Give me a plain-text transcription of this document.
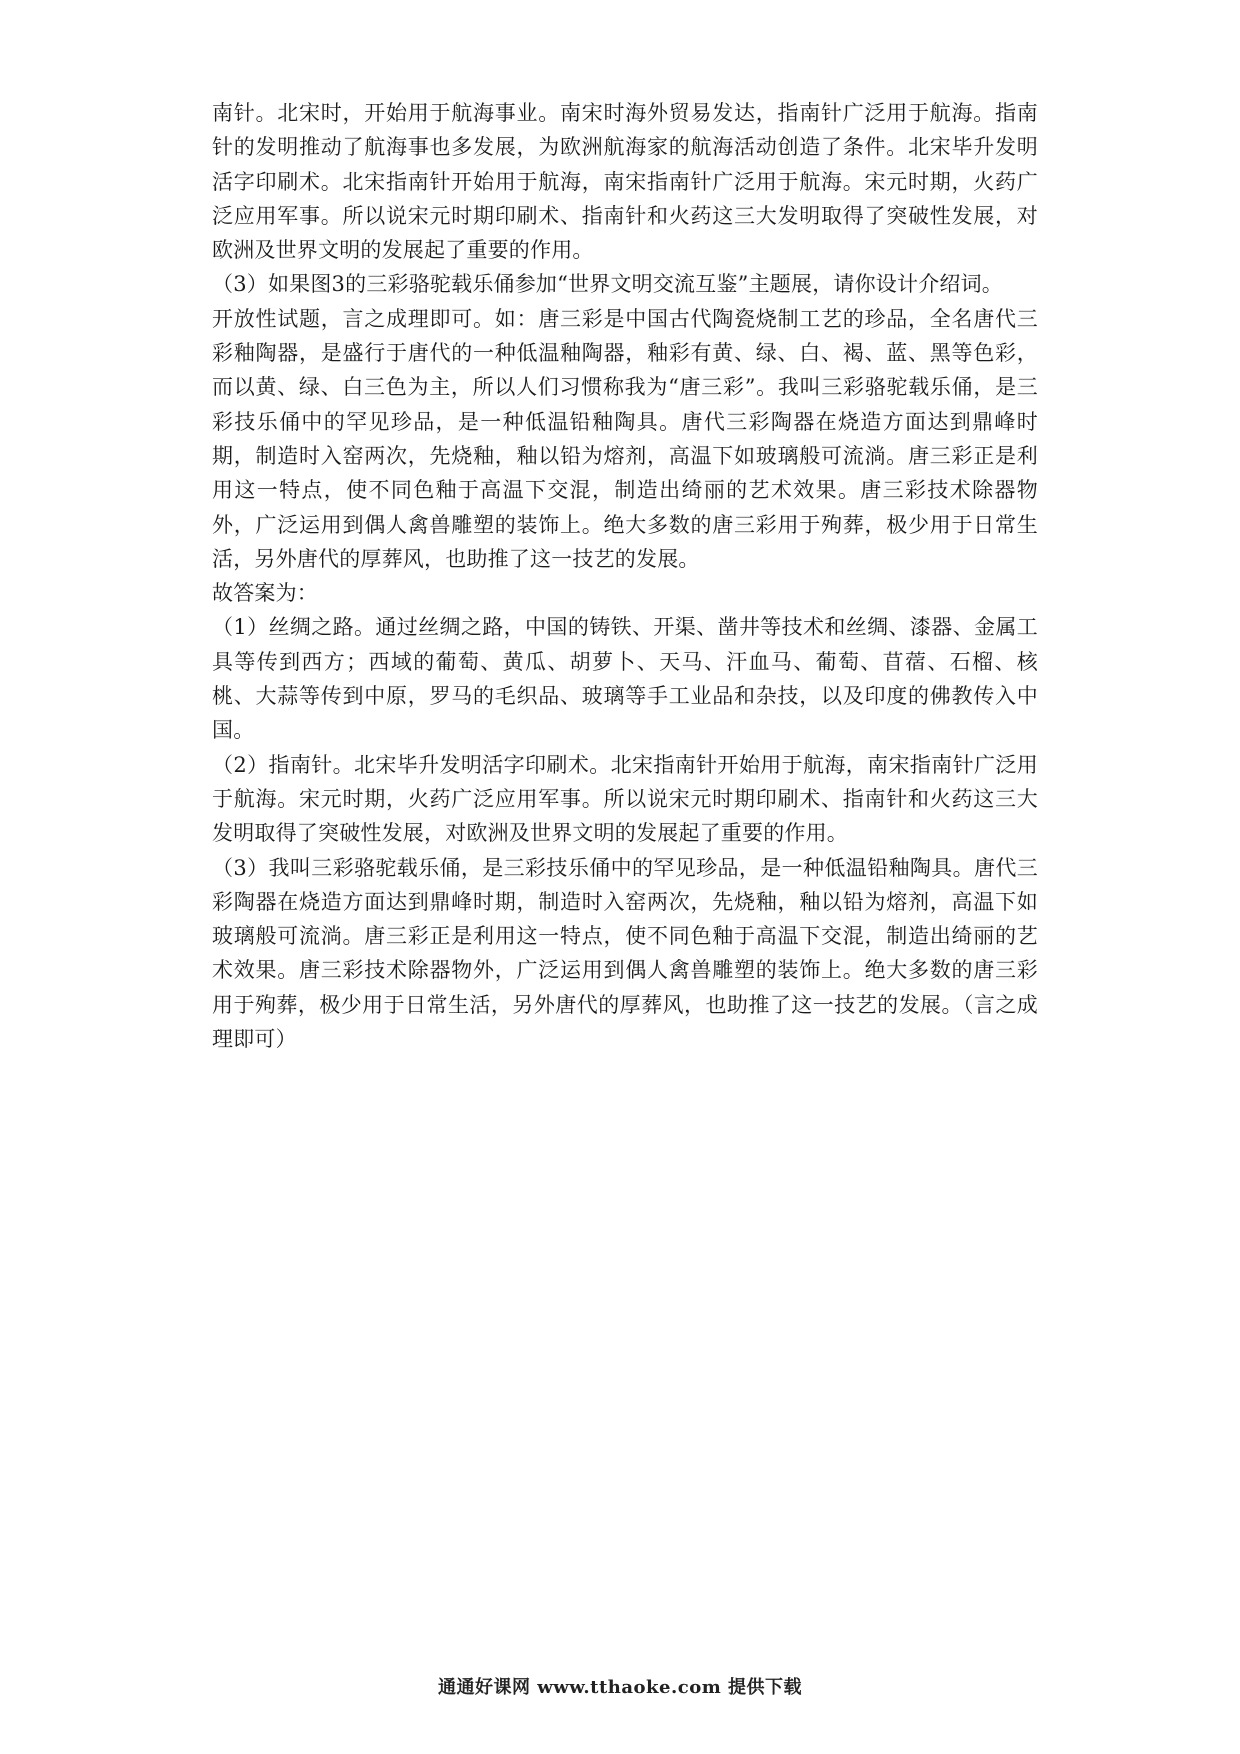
南针。北宋时，开始用于航海事业。南宋时海外贸易发达，指南针广泛用于航海。指南针的发明推动了航海事也多发展，为欧洲航海家的航海活动创造了条件。北宋毕升发明活字印刷术。北宋指南针开始用于航海，南宋指南针广泛用于航海。宋元时期，火药广泛应用军事。所以说宋元时期印刷术、指南针和火药这三大发明取得了突破性发展，对欧洲及世界文明的发展起了重要的作用。

（3）如果图3的三彩骆驼载乐俑参加“世界文明交流互鉴”主题展，请你设计介绍词。

开放性试题，言之成理即可。如：唐三彩是中国古代陶瓷烧制工艺的珍品，全名唐代三彩釉陶器，是盛行于唐代的一种低温釉陶器，釉彩有黄、绿、白、褐、蓝、黑等色彩，而以黄、绿、白三色为主，所以人们习惯称我为“唐三彩”。我叫三彩骆驼载乐俑，是三彩技乐俑中的罕见珍品，是一种低温铅釉陶具。唐代三彩陶器在烧造方面达到鼎峰时期，制造时入窑两次，先烧釉，釉以铅为熔剂，高温下如玻璃般可流淌。唐三彩正是利用这一特点，使不同色釉于高温下交混，制造出绮丽的艺术效果。唐三彩技术除器物外，广泛运用到偶人禽兽雕塑的装饰上。绝大多数的唐三彩用于殉葬，极少用于日常生活，另外唐代的厚葬风，也助推了这一技艺的发展。

故答案为：

（1）丝绸之路。通过丝绸之路，中国的铸铁、开渠、凿井等技术和丝绸、漆器、金属工具等传到西方；西域的葡萄、黄瓜、胡萝卜、天马、汗血马、葡萄、苜蓿、石榴、核桃、大蒜等传到中原，罗马的毛织品、玻璃等手工业品和杂技，以及印度的佛教传入中国。

（2）指南针。北宋毕升发明活字印刷术。北宋指南针开始用于航海，南宋指南针广泛用于航海。宋元时期，火药广泛应用军事。所以说宋元时期印刷术、指南针和火药这三大发明取得了突破性发展，对欧洲及世界文明的发展起了重要的作用。

（3）我叫三彩骆驼载乐俑，是三彩技乐俑中的罕见珍品，是一种低温铅釉陶具。唐代三彩陶器在烧造方面达到鼎峰时期，制造时入窑两次，先烧釉，釉以铅为熔剂，高温下如玻璃般可流淌。唐三彩正是利用这一特点，使不同色釉于高温下交混，制造出绮丽的艺术效果。唐三彩技术除器物外，广泛运用到偶人禽兽雕塑的装饰上。绝大多数的唐三彩用于殉葬，极少用于日常生活，另外唐代的厚葬风，也助推了这一技艺的发展。（言之成理即可）

通通好课网 www.tthaoke.com 提供下载
